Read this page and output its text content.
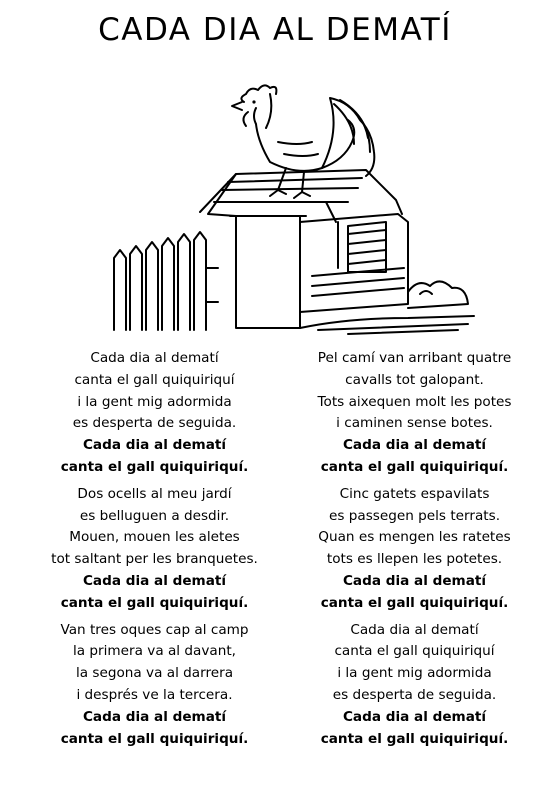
CADA DIA AL DEMATÍ
Cada dia al dematí
canta el gall quiquiriquí
i la gent mig adormida
es desperta de seguida.
Cada dia al dematí
canta el gall quiquiriquí.
Dos ocells al meu jardí
es belluguen a desdir.
Mouen, mouen les aletes
tot saltant per les branquetes.
Cada dia al dematí
canta el gall quiquiriquí.
Van tres oques cap al camp
la primera va al davant,
la segona va al darrera
i després ve la tercera.
Cada dia al dematí
canta el gall quiquiriquí.
Pel camí van arribant quatre
cavalls tot galopant.
Tots aixequen molt les potes
i caminen sense botes.
Cada dia al dematí
canta el gall quiquiriquí.
Cinc gatets espavilats
es passegen pels terrats.
Quan es mengen les ratetes
tots es llepen les potetes.
Cada dia al dematí
canta el gall quiquiriquí.
Cada dia al dematí
canta el gall quiquiriquí
i la gent mig adormida
es desperta de seguida.
Cada dia al dematí
canta el gall quiquiriquí.
